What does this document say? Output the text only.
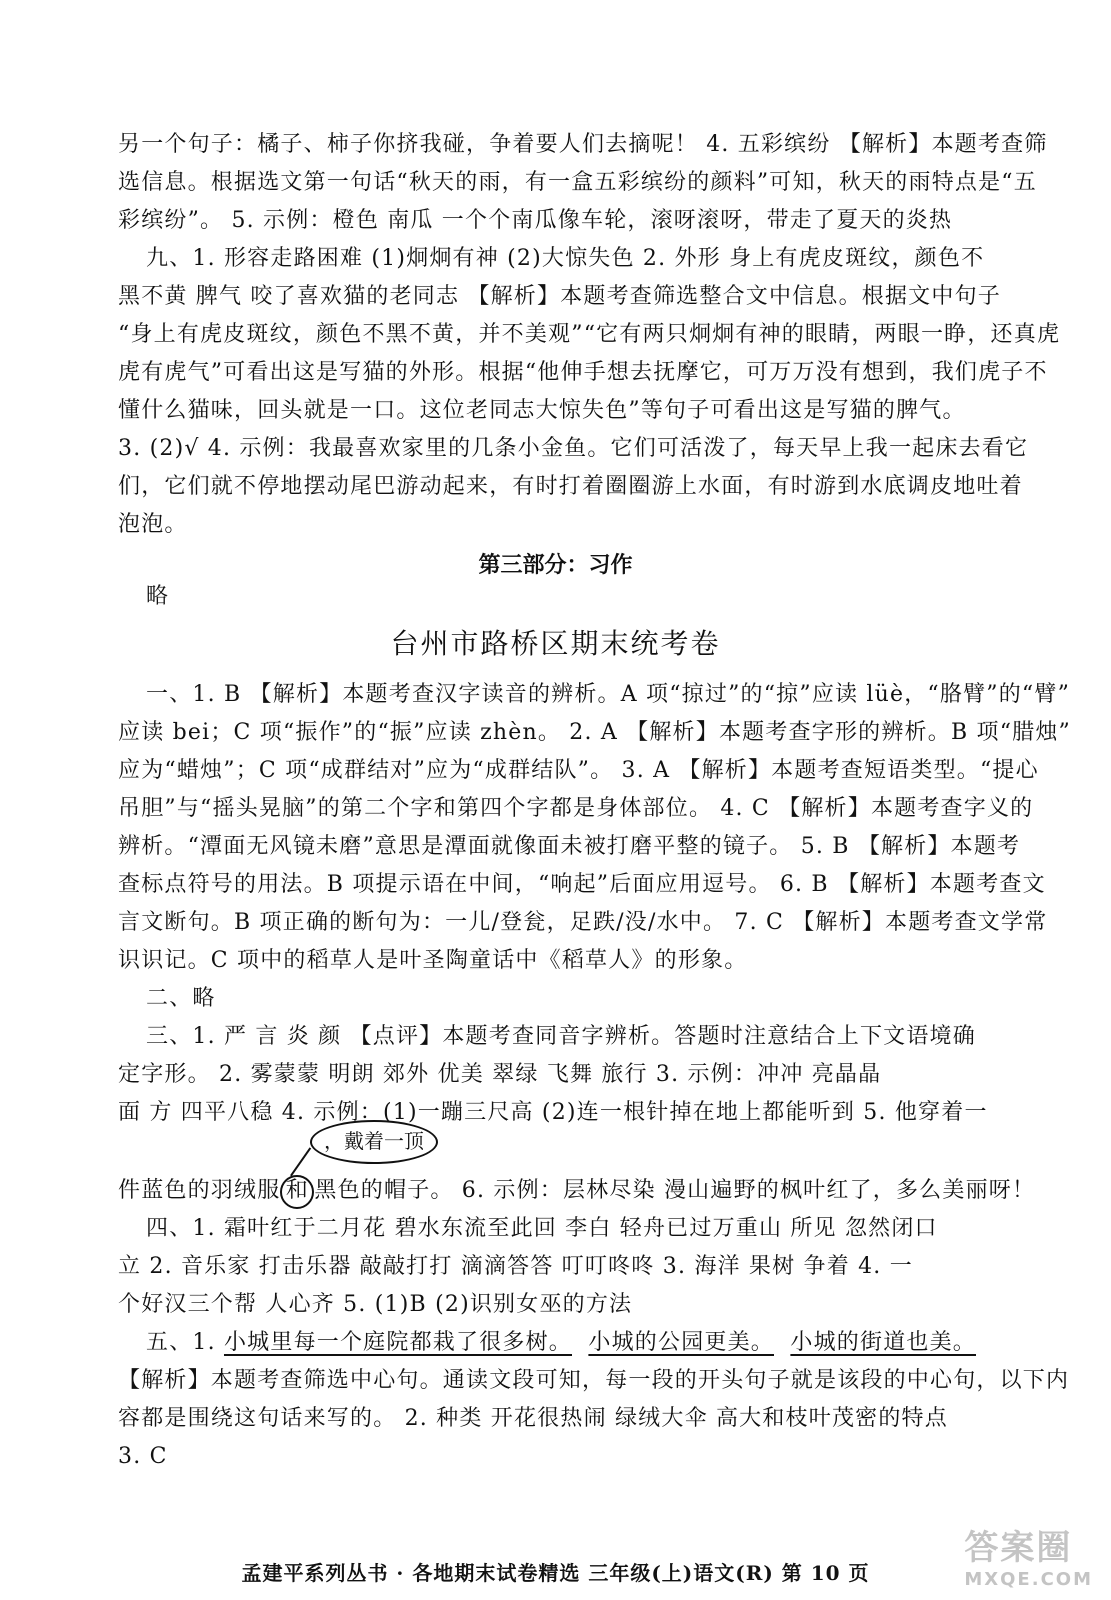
另一个句子：橘子、柿子你挤我碰，争着要人们去摘呢！ 4. 五彩缤纷 【解析】本题考查筛
选信息。根据选文第一句话“秋天的雨，有一盒五彩缤纷的颜料”可知，秋天的雨特点是“五
彩缤纷”。 5. 示例：橙色 南瓜 一个个南瓜像车轮，滚呀滚呀，带走了夏天的炎热
九、1. 形容走路困难 (1)炯炯有神 (2)大惊失色 2. 外形 身上有虎皮斑纹，颜色不
黑不黄 脾气 咬了喜欢猫的老同志 【解析】本题考查筛选整合文中信息。根据文中句子
“身上有虎皮斑纹，颜色不黑不黄，并不美观”“它有两只炯炯有神的眼睛，两眼一睁，还真虎
虎有虎气”可看出这是写猫的外形。根据“他伸手想去抚摩它，可万万没有想到，我们虎子不
懂什么猫味，回头就是一口。这位老同志大惊失色”等句子可看出这是写猫的脾气。
3. (2)√ 4. 示例：我最喜欢家里的几条小金鱼。它们可活泼了，每天早上我一起床去看它
们，它们就不停地摆动尾巴游动起来，有时打着圈圈游上水面，有时游到水底调皮地吐着
泡泡。
第三部分：习作
略
台州市路桥区期末统考卷
一、1. B 【解析】本题考查汉字读音的辨析。A 项“掠过”的“掠”应读 lüè，“胳臂”的“臂”
应读 bei；C 项“振作”的“振”应读 zhèn。 2. A 【解析】本题考查字形的辨析。B 项“腊烛”
应为“蜡烛”；C 项“成群结对”应为“成群结队”。 3. A 【解析】本题考查短语类型。“提心
吊胆”与“摇头晃脑”的第二个字和第四个字都是身体部位。 4. C 【解析】本题考查字义的
辨析。“潭面无风镜未磨”意思是潭面就像面未被打磨平整的镜子。 5. B 【解析】本题考
查标点符号的用法。B 项提示语在中间，“响起”后面应用逗号。 6. B 【解析】本题考查文
言文断句。B 项正确的断句为：一儿/登瓮，足跌/没/水中。 7. C 【解析】本题考查文学常
识识记。C 项中的稻草人是叶圣陶童话中《稻草人》的形象。
二、略
三、1. 严 言 炎 颜 【点评】本题考查同音字辨析。答题时注意结合上下文语境确
定字形。 2. 雾蒙蒙 明朗 郊外 优美 翠绿 飞舞 旅行 3. 示例：冲冲 亮晶晶
面 方 四平八稳 4. 示例：(1)一蹦三尺高 (2)连一根针掉在地上都能听到 5. 他穿着一
，戴着一顶
件蓝色的羽绒服 和 黑色的帽子。 6. 示例：层林尽染 漫山遍野的枫叶红了，多么美丽呀！
四、1. 霜叶红于二月花 碧水东流至此回 李白 轻舟已过万重山 所见 忽然闭口
立 2. 音乐家 打击乐器 敲敲打打 滴滴答答 叮叮咚咚 3. 海洋 果树 争着 4. 一
个好汉三个帮 人心齐 5. (1)B (2)识别女巫的方法
五、1. 小城里每一个庭院都栽了很多树。 小城的公园更美。 小城的街道也美。
【解析】本题考查筛选中心句。通读文段可知，每一段的开头句子就是该段的中心句，以下内
容都是围绕这句话来写的。 2. 种类 开花很热闹 绿绒大伞 高大和枝叶茂密的特点
3. C
孟建平系列丛书 · 各地期末试卷精选 三年级(上)语文(R) 第 10 页
答案圈
MXQE.COM
